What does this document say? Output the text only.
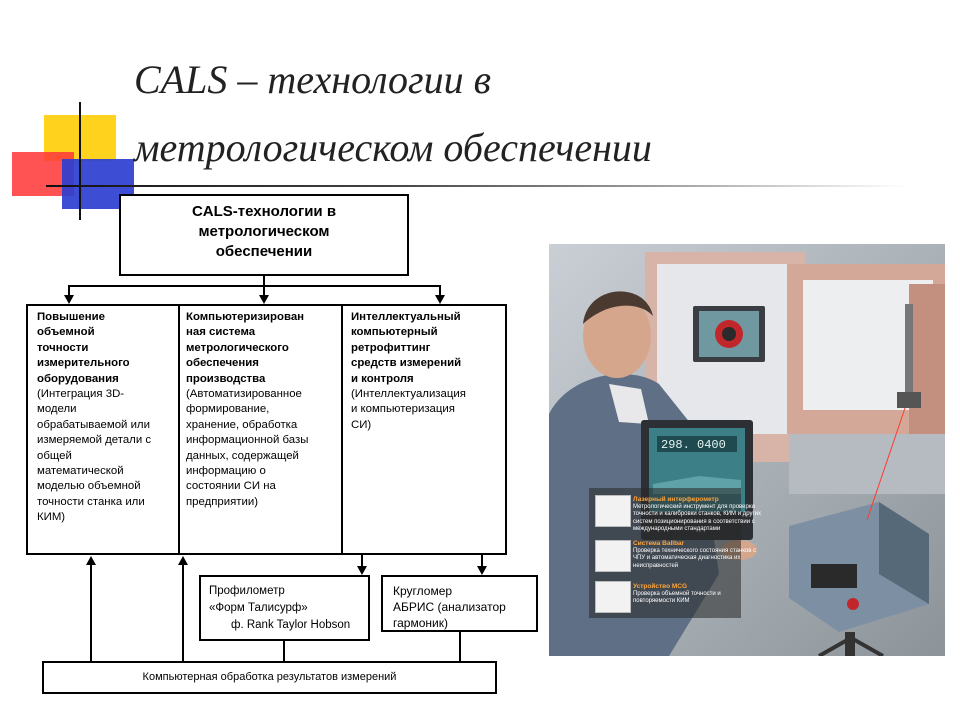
CALS – технологии в
метрологическом обеспечении
CALS-технологии в
метрологическом
обеспечении
Повышение
объемной
точности
измерительного
оборудования
(Интеграция 3D-
модели
обрабатываемой или
измеряемой детали с
общей
математической
моделью объемной
точности станка или
КИМ)
Компьютеризирован
ная система
метрологического
обеспечения
производства
(Автоматизированное
формирование,
хранение, обработка
информационной базы
данных, содержащей
информацию о
состоянии СИ на
предприятии)
Интеллектуальный
компьютерный
ретрофиттинг
средств измерений
и контроля
(Интеллектуализация
и компьютеризация
СИ)
Профилометр
«Форм Талисурф»
ф. Rank Taylor Hobson
Кругломер
АБРИС (анализатор
гармоник)
Компьютерная обработка результатов измерений
298. 0400
Лазерный интерферометр
Метрологический инструмент для проверки точности и калибровки станков, КИМ и других систем позиционирования в соответствии с международными стандартами
Система Ballbar
Проверка технического состояния станков с ЧПУ и автоматическая диагностика их неисправностей
Устройство MCG
Проверка объемной точности и повторяемости КИМ
